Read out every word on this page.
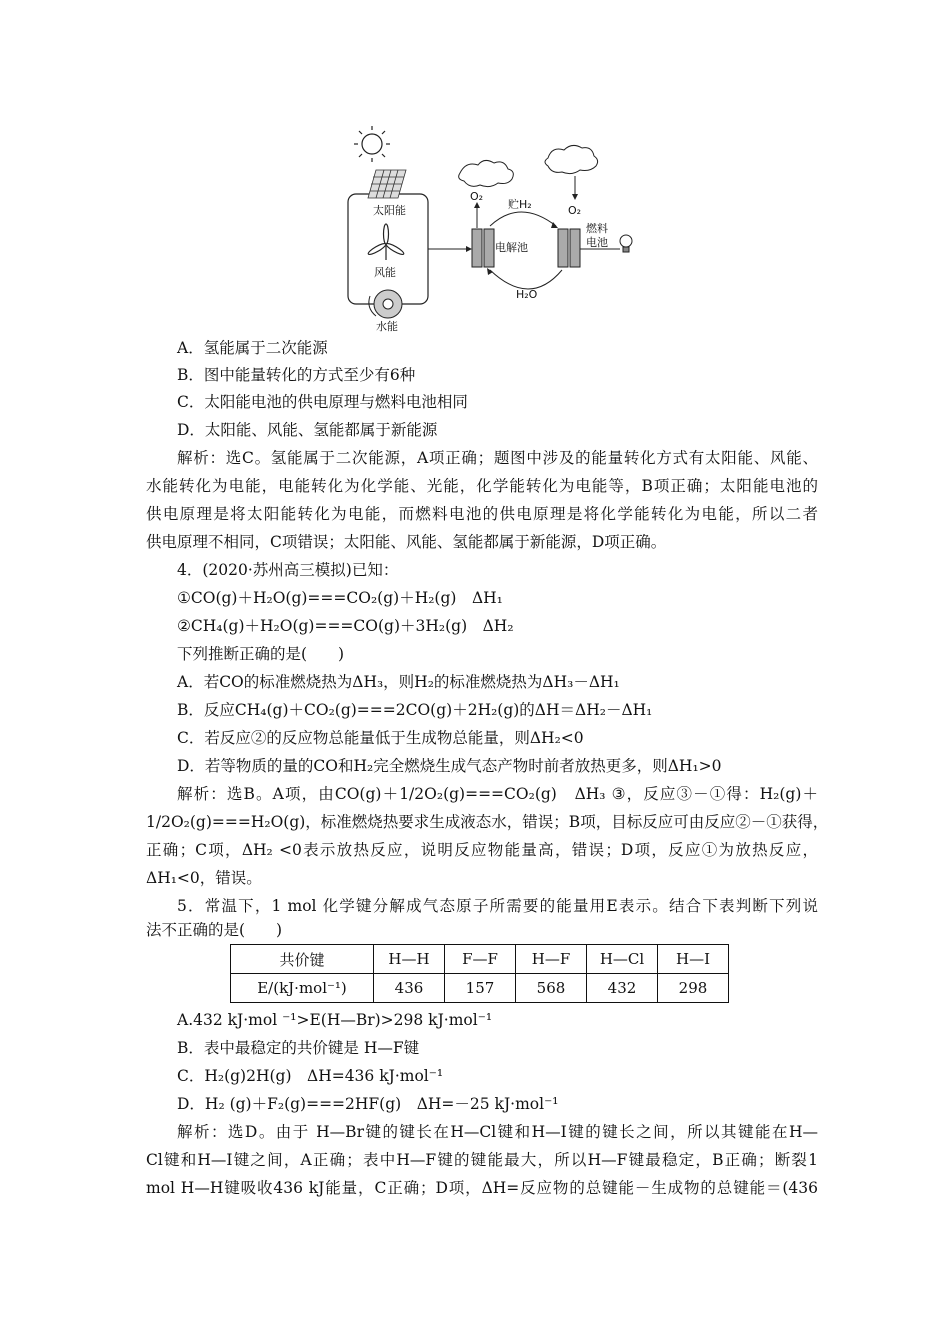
太阳能
风能
水能
电解池
O₂
贮H₂	O₂
燃料
电池
H₂O
A．氢能属于二次能源
B．图中能量转化的方式至少有6种
C．太阳能电池的供电原理与燃料电池相同
D．太阳能、风能、氢能都属于新能源
解析：选C。氢能属于二次能源，A项正确；题图中涉及的能量转化方式有太阳能、风能、
水能转化为电能，电能转化为化学能、光能，化学能转化为电能等，B项正确；太阳能电池的
供电原理是将太阳能转化为电能，而燃料电池的供电原理是将化学能转化为电能，所以二者
供电原理不相同，C项错误；太阳能、风能、氢能都属于新能源，D项正确。
4．(2020·苏州高三模拟)已知：
①CO(g)＋H₂O(g)===CO₂(g)＋H₂(g)　ΔH₁
②CH₄(g)＋H₂O(g)===CO(g)＋3H₂(g)　ΔH₂
下列推断正确的是(　　)
A．若CO的标准燃烧热为ΔH₃，则H₂的标准燃烧热为ΔH₃－ΔH₁
B．反应CH₄(g)＋CO₂(g)===2CO(g)＋2H₂(g)的ΔH＝ΔH₂－ΔH₁
C．若反应②的反应物总能量低于生成物总能量，则ΔH₂<0
D．若等物质的量的CO和H₂完全燃烧生成气态产物时前者放热更多，则ΔH₁>0
解析：选B。A项，由CO(g)＋1/2O₂(g)===CO₂(g)　ΔH₃ ③，反应③－①得：H₂(g)＋
1/2O₂(g)===H₂O(g)，标准燃烧热要求生成液态水，错误；B项，目标反应可由反应②－①获得，
正确；C项，ΔH₂ <0表示放热反应，说明反应物能量高，错误；D项，反应①为放热反应，
ΔH₁<0，错误。
5．常温下，1 mol 化学键分解成气态原子所需要的能量用E表示。结合下表判断下列说
法不正确的是(　　)
共价键	H—H	F—F	H—F	H—Cl	H—I
E/(kJ·mol⁻¹)	436	157	568	432	298
A.432 kJ·mol ⁻¹>E(H—Br)>298 kJ·mol⁻¹
B．表中最稳定的共价键是 H—F键
C．H₂(g)2H(g)　ΔH=436 kJ·mol⁻¹
D．H₂ (g)＋F₂(g)===2HF(g)　ΔH=－25 kJ·mol⁻¹
解析：选D。由于 H—Br键的键长在H—Cl键和H—I键的键长之间，所以其键能在H—
Cl键和H—I键之间，A正确；表中H—F键的键能最大，所以H—F键最稳定，B正确；断裂1
mol H—H键吸收436 kJ能量，C正确；D项，ΔH=反应物的总键能－生成物的总键能＝(436
